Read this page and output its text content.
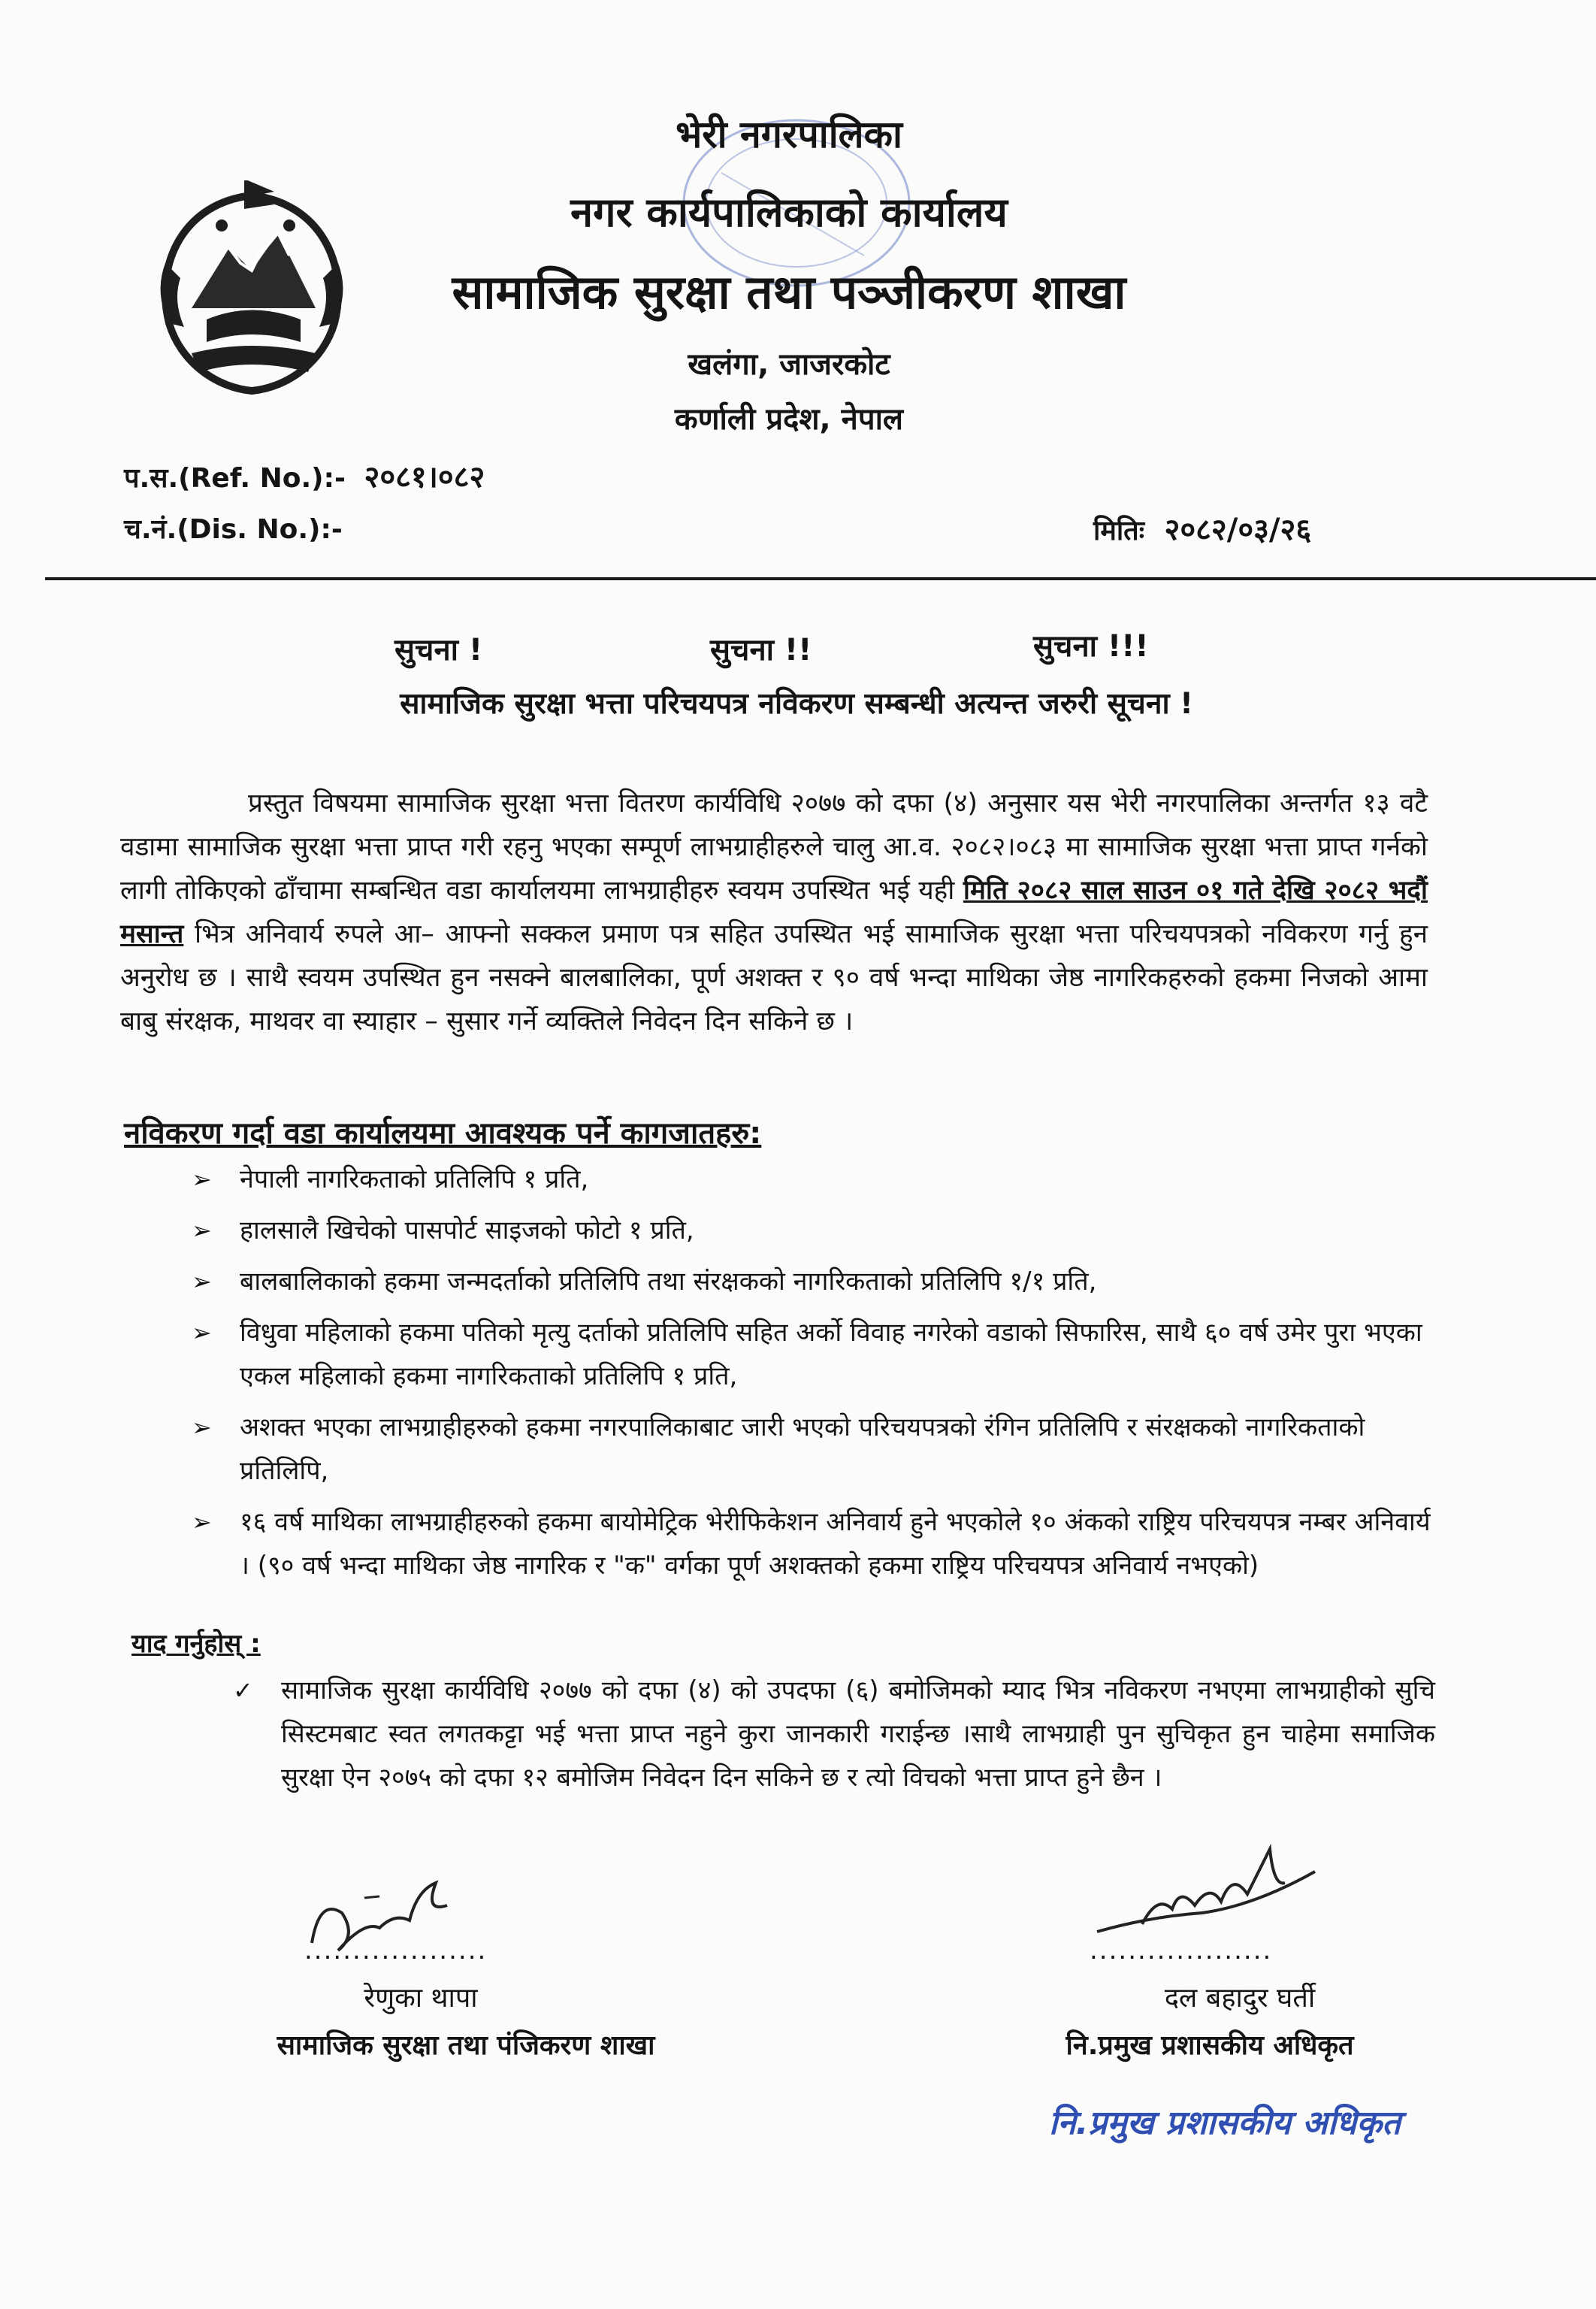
भेरी नगरपालिका
नगर कार्यपालिकाको कार्यालय
सामाजिक सुरक्षा तथा पञ्जीकरण शाखा
खलंगा, जाजरकोट
कर्णाली प्रदेश, नेपाल
प.स.(Ref. No.):- २०८१।०८२
च.नं.(Dis. No.):-	मितिः २०८२/०३/२६
सुचना !	सुचना !!	सुचना !!!
सामाजिक सुरक्षा भत्ता परिचयपत्र नविकरण सम्बन्धी अत्यन्त जरुरी सूचना !
प्रस्तुत विषयमा सामाजिक सुरक्षा भत्ता वितरण कार्यविधि २०७७ को दफा (४) अनुसार यस भेरी नगरपालिका अन्तर्गत १३ वटै वडामा सामाजिक सुरक्षा भत्ता प्राप्त गरी रहनु भएका सम्पूर्ण लाभग्राहीहरुले चालु आ.व. २०८२।०८३ मा सामाजिक सुरक्षा भत्ता प्राप्त गर्नको लागी तोकिएको ढाँचामा सम्बन्धित वडा कार्यालयमा लाभग्राहीहरु स्वयम उपस्थित भई यही मिति २०८२ साल साउन ०१ गते देखि २०८२ भदौं मसान्त भित्र अनिवार्य रुपले आ– आफ्नो सक्कल प्रमाण पत्र सहित उपस्थित भई सामाजिक सुरक्षा भत्ता परिचयपत्रको नविकरण गर्नु हुन अनुरोध छ । साथै स्वयम उपस्थित हुन नसक्ने बालबालिका, पूर्ण अशक्त र ९० वर्ष भन्दा माथिका जेष्ठ नागरिकहरुको हकमा निजको आमा बाबु संरक्षक, माथवर वा स्याहार – सुसार गर्ने व्यक्तिले निवेदन दिन सकिने छ ।
नविकरण गर्दा वडा कार्यालयमा आवश्यक पर्ने कागजातहरु:
➢	नेपाली नागरिकताको प्रतिलिपि १ प्रति,
➢	हालसालै खिचेको पासपोर्ट साइजको फोटो १ प्रति,
➢	बालबालिकाको हकमा जन्मदर्ताको प्रतिलिपि तथा संरक्षकको नागरिकताको प्रतिलिपि १/१ प्रति,
➢	विधुवा महिलाको हकमा पतिको मृत्यु दर्ताको प्रतिलिपि सहित अर्को विवाह नगरेको वडाको सिफारिस, साथै ६० वर्ष उमेर पुरा भएका एकल महिलाको हकमा नागरिकताको प्रतिलिपि १ प्रति,
➢	अशक्त भएका लाभग्राहीहरुको हकमा नगरपालिकाबाट जारी भएको परिचयपत्रको रंगिन प्रतिलिपि र संरक्षकको नागरिकताको प्रतिलिपि,
➢	१६ वर्ष माथिका लाभग्राहीहरुको हकमा बायोमेट्रिक भेरीफिकेशन अनिवार्य हुने भएकोले १० अंकको राष्ट्रिय परिचयपत्र नम्बर अनिवार्य । (९० वर्ष भन्दा माथिका जेष्ठ नागरिक र "क" वर्गका पूर्ण अशक्तको हकमा राष्ट्रिय परिचयपत्र अनिवार्य नभएको)
याद गर्नुहोस् :
✓	सामाजिक सुरक्षा कार्यविधि २०७७ को दफा (४) को उपदफा (६) बमोजिमको म्याद भित्र नविकरण नभएमा लाभग्राहीको सुचि सिस्टमबाट स्वत लगतकट्टा भई भत्ता प्राप्त नहुने कुरा जानकारी गराईन्छ ।साथै लाभग्राही पुन सुचिकृत हुन चाहेमा समाजिक सुरक्षा ऐन २०७५ को दफा १२ बमोजिम निवेदन दिन सकिने छ र त्यो विचको भत्ता प्राप्त हुने छैन ।
...................
रेणुका थापा
सामाजिक सुरक्षा तथा पंजिकरण शाखा
...................
दल बहादुर घर्ती
नि.प्रमुख प्रशासकीय अधिकृत
नि.प्रमुख प्रशासकीय अधिकृत
